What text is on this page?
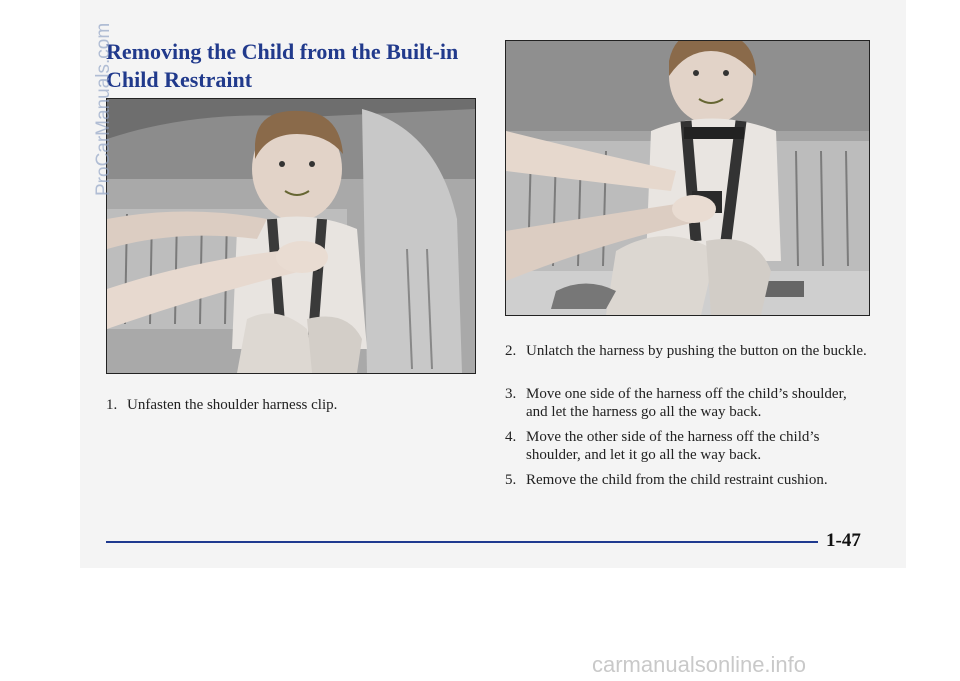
Removing the Child from the Built-in Child Restraint
1. Unfasten the shoulder harness clip.
2. Unlatch the harness by pushing the button on the buckle.
3. Move one side of the harness off the child’s shoulder, and let the harness go all the way back.
4. Move the other side of the harness off the child’s shoulder, and let it go all the way back.
5. Remove the child from the child restraint cushion.
1-47
ProCarManuals.com
carmanualsonline.info
